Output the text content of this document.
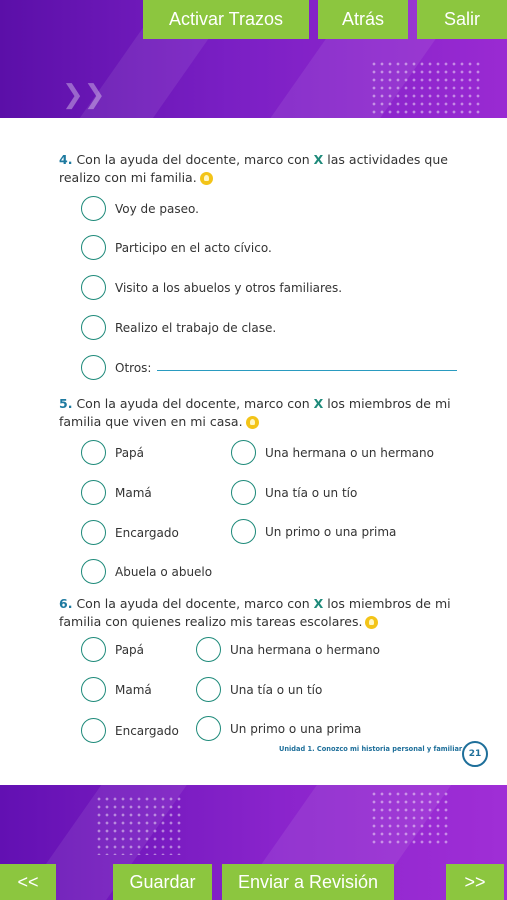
❯❯
Activar Trazos	Atrás	Salir
4. Con la ayuda del docente, marco con X las actividades que realizo con mi familia.
Voy de paseo.
Participo en el acto cívico.
Visito a los abuelos y otros familiares.
Realizo el trabajo de clase.
Otros:
5. Con la ayuda del docente, marco con X los miembros de mi familia que viven en mi casa.
Papá
Mamá
Encargado
Abuela o abuelo
Una hermana o un hermano
Una tía o un tío
Un primo o una prima
6. Con la ayuda del docente, marco con X los miembros de mi familia con quienes realizo mis tareas escolares.
Papá
Mamá
Encargado
Una hermana o hermano
Una tía o un tío
Un primo o una prima
Unidad 1. Conozco mi historia personal y familiar 21
<<	Guardar	Enviar a Revisión	>>
